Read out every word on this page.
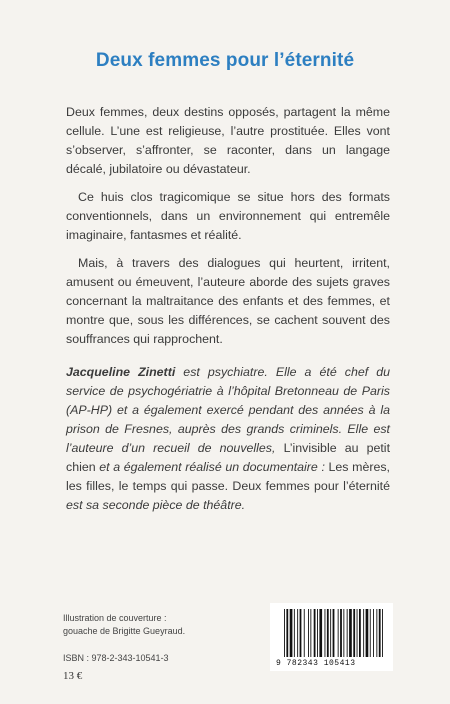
Deux femmes pour l’éternité

Deux femmes, deux destins opposés, partagent la même cellule. L’une est religieuse, l’autre prostituée. Elles vont s’observer, s’affronter, se raconter, dans un langage décalé, jubilatoire ou dévastateur.

Ce huis clos tragicomique se situe hors des formats conventionnels, dans un environnement qui entremêle imaginaire, fantasmes et réalité.

Mais, à travers des dialogues qui heurtent, irritent, amusent ou émeuvent, l’auteure aborde des sujets graves concernant la maltraitance des enfants et des femmes, et montre que, sous les différences, se cachent souvent des souffrances qui rapprochent.

Jacqueline Zinetti est psychiatre. Elle a été chef du service de psychogériatrie à l’hôpital Bretonneau de Paris (AP-HP) et a également exercé pendant des années à la prison de Fresnes, auprès des grands criminels. Elle est l’auteure d’un recueil de nouvelles, L’invisible au petit chien et a également réalisé un documentaire : Les mères, les filles, le temps qui passe. Deux femmes pour l’éternité est sa seconde pièce de théâtre.
Illustration de couverture :
gouache de Brigitte Gueyraud.
ISBN : 978-2-343-10541-3
13 €
9 782343 105413
